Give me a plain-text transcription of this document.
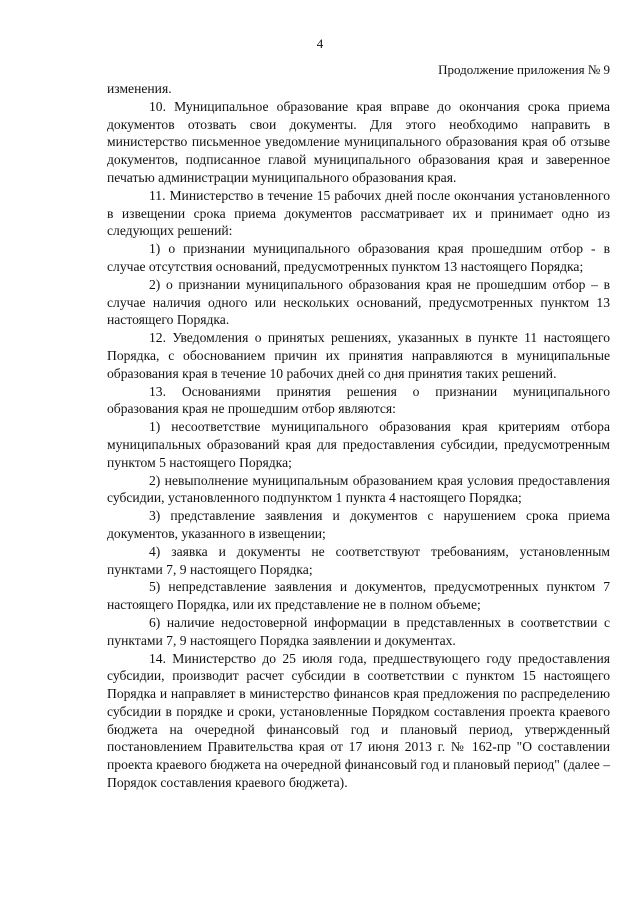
4
Продолжение приложения № 9

изменения.

10. Муниципальное образование края вправе до окончания срока приема документов отозвать свои документы. Для этого необходимо направить в министерство письменное уведомление муниципального образования края об отзыве документов, подписанное главой муниципального образования края и заверенное печатью администрации муниципального образования края.

11. Министерство в течение 15 рабочих дней после окончания установленного в извещении срока приема документов рассматривает их и принимает одно из следующих решений:

1) о признании муниципального образования края прошедшим отбор - в случае отсутствия оснований, предусмотренных пунктом 13 настоящего Порядка;

2) о признании муниципального образования края не прошедшим отбор – в случае наличия одного или нескольких оснований, предусмотренных пунктом 13 настоящего Порядка.

12. Уведомления о принятых решениях, указанных в пункте 11 настоящего Порядка, с обоснованием причин их принятия направляются в муниципальные образования края в течение 10 рабочих дней со дня принятия таких решений.

13. Основаниями принятия решения о признании муниципального образования края не прошедшим отбор являются:

1) несоответствие муниципального образования края критериям отбора муниципальных образований края для предоставления субсидии, предусмотренным пунктом 5 настоящего Порядка;

2) невыполнение муниципальным образованием края условия предоставления субсидии, установленного подпунктом 1 пункта 4 настоящего Порядка;

3) представление заявления и документов с нарушением срока приема документов, указанного в извещении;

4) заявка и документы не соответствуют требованиям, установленным пунктами 7, 9 настоящего Порядка;

5) непредставление заявления и документов, предусмотренных пунктом 7 настоящего Порядка, или их представление не в полном объеме;

6) наличие недостоверной информации в представленных в соответствии с пунктами 7, 9 настоящего Порядка заявлении и документах.

14. Министерство до 25 июля года, предшествующего году предоставления субсидии, производит расчет субсидии в соответствии с пунктом 15 настоящего Порядка и направляет в министерство финансов края предложения по распределению субсидии в порядке и сроки, установленные Порядком составления проекта краевого бюджета на очередной финансовый год и плановый период, утвержденный постановлением Правительства края от 17 июня 2013 г. № 162-пр "О составлении проекта краевого бюджета на очередной финансовый год и плановый период" (далее – Порядок составления краевого бюджета).
